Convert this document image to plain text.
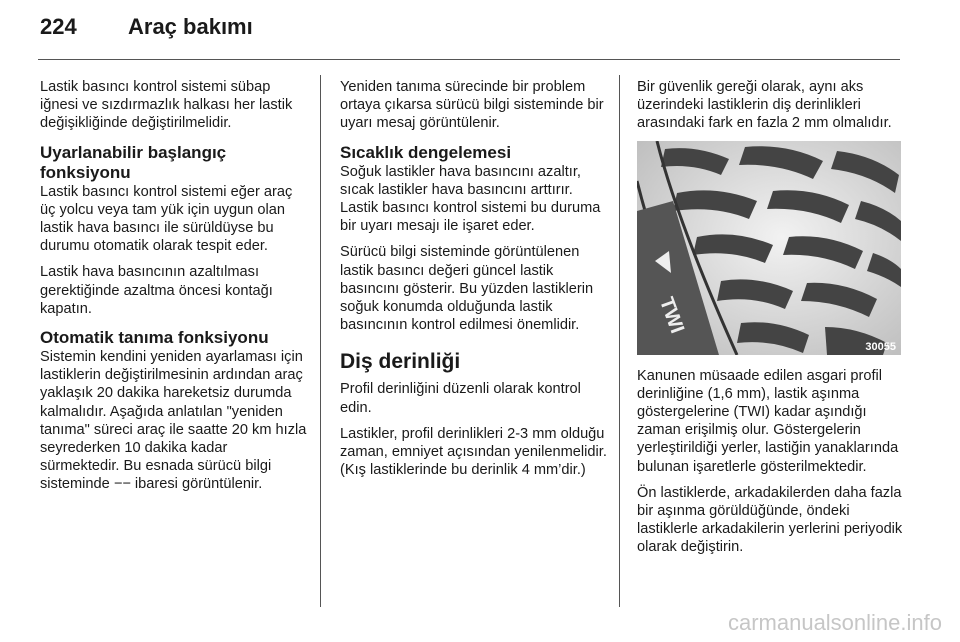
224 Araç bakımı

Lastik basıncı kontrol sistemi sübap iğnesi ve sızdırmazlık halkası her lastik değişikliğinde değiştirilmelidir.

Uyarlanabilir başlangıç fonksiyonu

Lastik basıncı kontrol sistemi eğer araç üç yolcu veya tam yük için uygun olan lastik hava basıncı ile sürüldüyse bu durumu otomatik olarak tespit eder.

Lastik hava basıncının azaltılması gerektiğinde azaltma öncesi kontağı kapatın.

Otomatik tanıma fonksiyonu

Sistemin kendini yeniden ayarlaması için lastiklerin değiştirilmesinin ardından araç yaklaşık 20 dakika hareketsiz durumda kalmalıdır. Aşağıda anlatılan "yeniden tanıma" süreci araç ile saatte 20 km hızla seyrederken 10 dakika kadar sürmektedir. Bu esnada sürücü bilgi sisteminde −− ibaresi görüntülenir.

Yeniden tanıma sürecinde bir problem ortaya çıkarsa sürücü bilgi sisteminde bir uyarı mesaj görüntülenir.

Sıcaklık dengelemesi

Soğuk lastikler hava basıncını azaltır, sıcak lastikler hava basıncını arttırır. Lastik basıncı kontrol sistemi bu duruma bir uyarı mesajı ile işaret eder.

Sürücü bilgi sisteminde görüntülenen lastik basıncı değeri güncel lastik basıncını gösterir. Bu yüzden lastiklerin soğuk konumda olduğunda lastik basıncının kontrol edilmesi önemlidir.

Diş derinliği

Profil derinliğini düzenli olarak kontrol edin.

Lastikler, profil derinlikleri 2-3 mm olduğu zaman, emniyet açısından yenilenmelidir. (Kış lastiklerinde bu derinlik 4 mm’dir.)

Bir güvenlik gereği olarak, aynı aks üzerindeki lastiklerin diş derinlikleri arasındaki fark en fazla 2 mm olmalıdır.

TWI
30055

Kanunen müsaade edilen asgari profil derinliğine (1,6 mm), lastik aşınma göstergelerine (TWI) kadar aşındığı zaman erişilmiş olur. Göstergelerin yerleştirildiği yerler, lastiğin yanaklarında bulunan işaretlerle gösterilmektedir.

Ön lastiklerde, arkadakilerden daha fazla bir aşınma görüldüğünde, öndeki lastiklerle arkadakilerin yerlerini periyodik olarak değiştirin.

carmanualsonline.info
